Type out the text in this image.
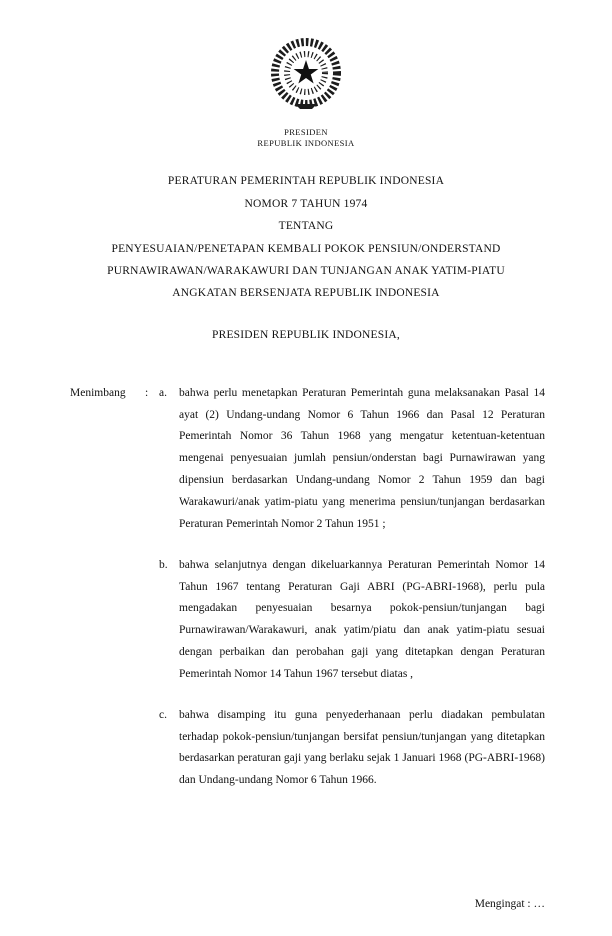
PRESIDEN
REPUBLIK INDONESIA
PERATURAN PEMERINTAH REPUBLIK INDONESIA
NOMOR 7 TAHUN 1974
TENTANG
PENYESUAIAN/PENETAPAN KEMBALI POKOK PENSIUN/ONDERSTAND
PURNAWIRAWAN/WARAKAWURI DAN TUNJANGAN ANAK YATIM-PIATU
ANGKATAN BERSENJATA REPUBLIK INDONESIA
PRESIDEN REPUBLIK INDONESIA,
Menimbang	: a.	bahwa perlu menetapkan Peraturan Pemerintah guna melaksanakan Pasal 14 ayat (2) Undang-undang Nomor 6 Tahun 1966 dan Pasal 12 Peraturan Pemerintah Nomor 36 Tahun 1968 yang mengatur ketentuan-ketentuan mengenai penyesuaian jumlah pensiun/onderstan bagi Purnawirawan yang dipensiun berdasarkan Undang-undang Nomor 2 Tahun 1959 dan bagi Warakawuri/anak yatim-piatu yang menerima pensiun/tunjangan berdasarkan Peraturan Pemerintah Nomor 2 Tahun 1951 ;
b. bahwa selanjutnya dengan dikeluarkannya Peraturan Pemerintah Nomor 14 Tahun 1967 tentang Peraturan Gaji ABRI (PG-ABRI-1968), perlu pula mengadakan penyesuaian besarnya pokok-pensiun/tunjangan bagi Purnawirawan/Warakawuri, anak yatim/piatu dan anak yatim-piatu sesuai dengan perbaikan dan perobahan gaji yang ditetapkan dengan Peraturan Pemerintah Nomor 14 Tahun 1967 tersebut diatas ,
c.	bahwa disamping itu guna penyederhanaan perlu diadakan pembulatan terhadap pokok-pensiun/tunjangan bersifat pensiun/tunjangan yang ditetapkan berdasarkan peraturan gaji yang berlaku sejak 1 Januari 1968 (PG-ABRI-1968) dan Undang-undang Nomor 6 Tahun 1966.
Mengingat : …
